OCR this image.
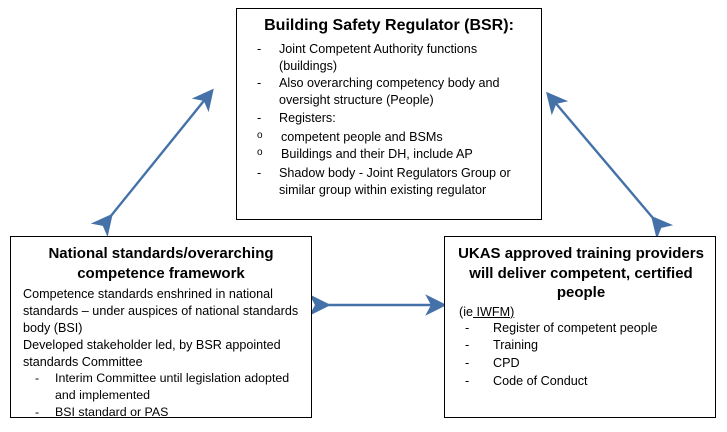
Building Safety Regulator (BSR):
- Joint Competent Authority functions (buildings)
- Also overarching competency body and oversight structure (People)
- Registers:
o competent people and BSMs
o Buildings and their DH, include AP
- Shadow body - Joint Regulators Group or similar group within existing regulator
National standards/overarching competence framework
Competence standards enshrined in national standards – under auspices of national standards body (BSI)
Developed stakeholder led, by BSR appointed standards Committee
- Interim Committee until legislation adopted and implemented
- BSI standard or PAS
UKAS approved training providers will deliver competent, certified people
(ie IWFM)
- Register of competent people
- Training
- CPD
- Code of Conduct
